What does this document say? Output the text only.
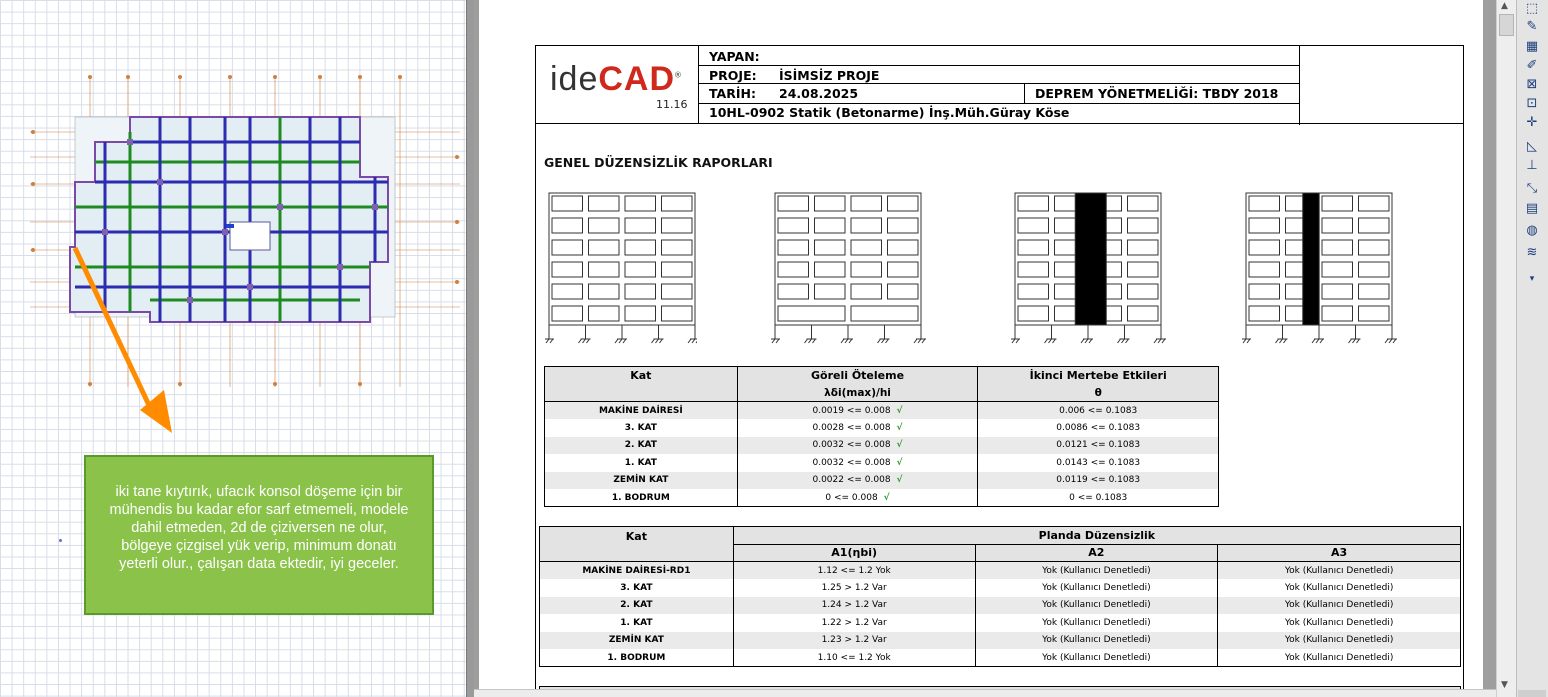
iki tane kıytırık, ufacık konsol döşeme için bir mühendis bu kadar efor sarf etmemeli, modele dahil etmeden, 2d de çiziversen ne olur, bölgeye çizgisel yük verip, minimum donatı yeterli olur., çalışan data ektedir, iyi geceler.
ideCAD®
11.16
YAPAN:
PROJE: İSİMSİZ PROJE
TARİH: 24.08.2025	DEPREM YÖNETMELİĞİ: TBDY 2018
10HL-0902 Statik (Betonarme) İnş.Müh.Güray Köse
GENEL DÜZENSİZLİK RAPORLARI
Kat	Göreli Öteleme	İkinci Mertebe Etkileri
	λδi(max)/hi	θ
MAKİNE DAİRESİ	0.0019 <= 0.008 √	0.006 <= 0.1083
3. KAT	0.0028 <= 0.008 √	0.0086 <= 0.1083
2. KAT	0.0032 <= 0.008 √	0.0121 <= 0.1083
1. KAT	0.0032 <= 0.008 √	0.0143 <= 0.1083
ZEMİN KAT	0.0022 <= 0.008 √	0.0119 <= 0.1083
1. BODRUM	0 <= 0.008 √	0 <= 0.1083
Kat	Planda Düzensizlik		
	A1(ηbi)	A2	A3
MAKİNE DAİRESİ-RD1	1.12 <= 1.2 Yok	Yok (Kullanıcı Denetledi)	Yok (Kullanıcı Denetledi)
3. KAT	1.25 > 1.2 Var	Yok (Kullanıcı Denetledi)	Yok (Kullanıcı Denetledi)
2. KAT	1.24 > 1.2 Var	Yok (Kullanıcı Denetledi)	Yok (Kullanıcı Denetledi)
1. KAT	1.22 > 1.2 Var	Yok (Kullanıcı Denetledi)	Yok (Kullanıcı Denetledi)
ZEMİN KAT	1.23 > 1.2 Var	Yok (Kullanıcı Denetledi)	Yok (Kullanıcı Denetledi)
1. BODRUM	1.10 <= 1.2 Yok	Yok (Kullanıcı Denetledi)	Yok (Kullanıcı Denetledi)
▲
▼
⬚
✎
▦
✐
⊠
⊡
✛
◺
⊥
⤡
▤
◍
≋
▾
